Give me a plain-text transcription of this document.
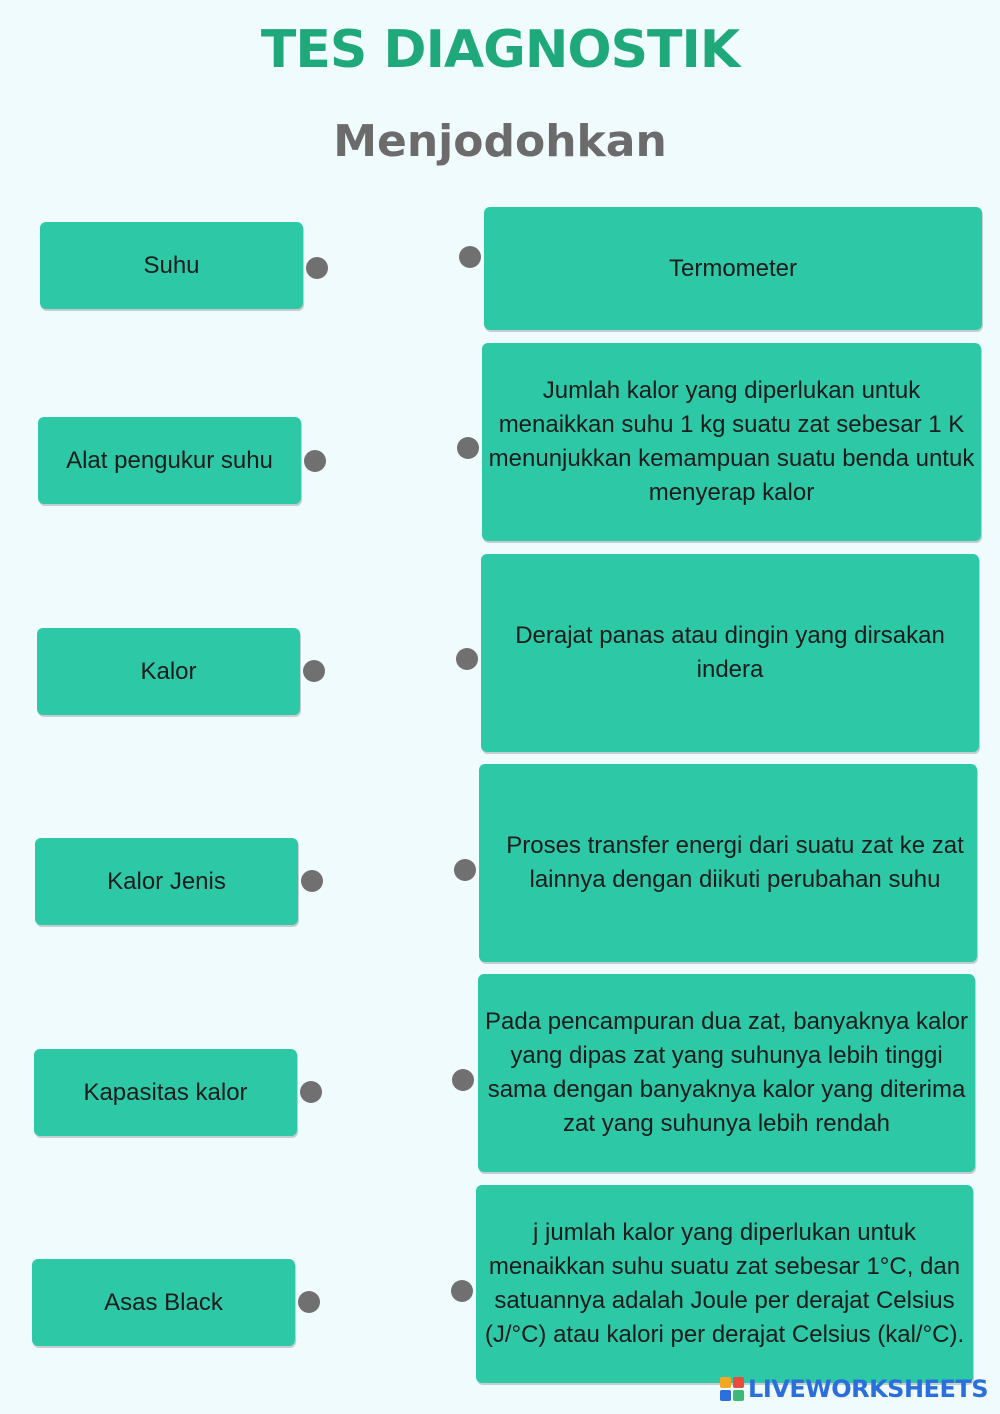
TES DIAGNOSTIK
Menjodohkan
Suhu
Alat pengukur suhu
Kalor
Kalor Jenis
Kapasitas kalor
Asas Black
Termometer
Jumlah kalor yang diperlukan untuk menaikkan suhu 1 kg suatu zat sebesar 1 K menunjukkan kemampuan suatu benda untuk menyerap kalor
Derajat panas atau dingin yang dirsakan indera
Proses transfer energi dari suatu zat ke zat lainnya dengan diikuti perubahan suhu
Pada pencampuran dua zat, banyaknya kalor yang dipas zat yang suhunya lebih tinggi sama dengan banyaknya kalor yang diterima zat yang suhunya lebih rendah
j jumlah kalor yang diperlukan untuk menaikkan suhu suatu zat sebesar 1°C, dan satuannya adalah Joule per derajat Celsius (J/°C) atau kalori per derajat Celsius (kal/°C).
LIVEWORKSHEETS
